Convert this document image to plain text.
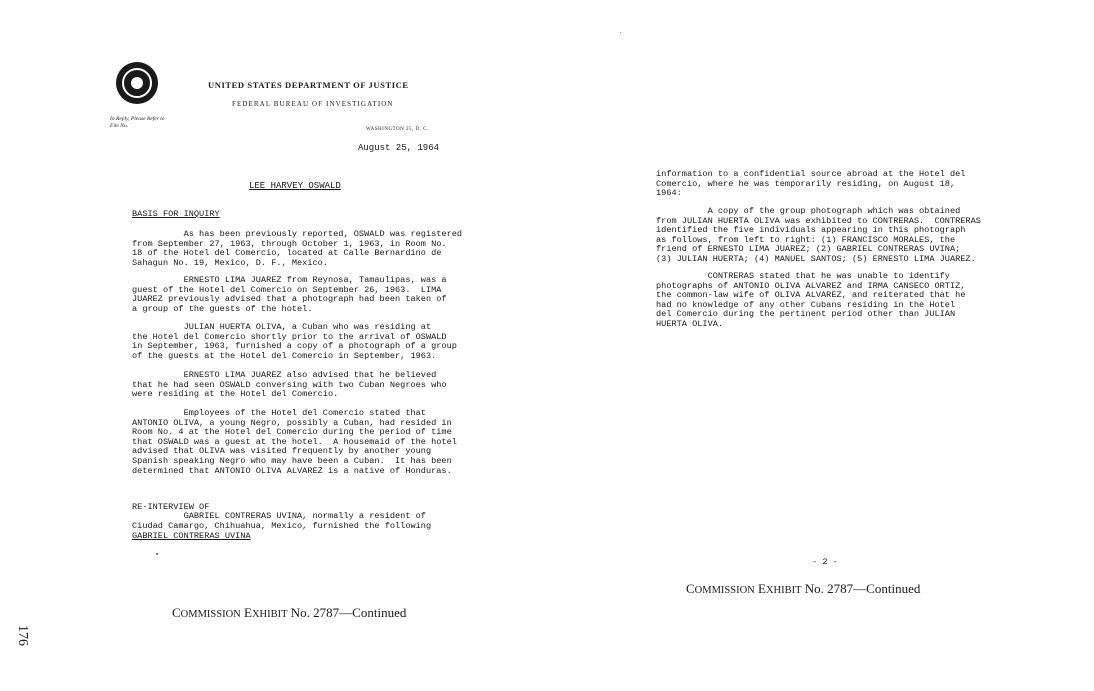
UNITED STATES DEPARTMENT OF JUSTICE
FEDERAL BUREAU OF INVESTIGATION
In Reply, Please Refer to
File No.
WASHINGTON 25, D. C.
August 25, 1964
LEE HARVEY OSWALD
BASIS FOR INQUIRY
As has been previously reported, OSWALD was registered
from September 27, 1963, through October 1, 1963, in Room No.
18 of the Hotel del Comercio, located at Calle Bernardino de
Sahagun No. 19, Mexico, D. F., Mexico.
ERNESTO LIMA JUAREZ from Reynosa, Tamaulipas, was a
guest of the Hotel del Comercio on September 26, 1963.  LIMA
JUAREZ previously advised that a photograph had been taken of
a group of the guests of the hotel.
JULIAN HUERTA OLIVA, a Cuban who was residing at
the Hotel del Comercio shortly prior to the arrival of OSWALD
in September, 1963, furnished a copy of a photograph of a group
of the guests at the Hotel del Comercio in September, 1963.
ERNESTO LIMA JUAREZ also advised that he believed
that he had seen OSWALD conversing with two Cuban Negroes who
were residing at the Hotel del Comercio.
Employees of the Hotel del Comercio stated that
ANTONIO OLIVA, a young Negro, possibly a Cuban, had resided in
Room No. 4 at the Hotel del Comercio during the period of time
that OSWALD was a guest at the hotel.  A housemaid of the hotel
advised that OLIVA was visited frequently by another young
Spanish speaking Negro who may have been a Cuban.  It has been
determined that ANTONIO OLIVA ALVAREZ is a native of Honduras.

RE-INTERVIEW OF

GABRIEL CONTRERAS UVINA

GABRIEL CONTRERAS UVINA, normally a resident of
Ciudad Camargo, Chihuahua, Mexico, furnished the following
COMMISSION EXHIBIT No. 2787—Continued
176
information to a confidential source abroad at the Hotel del
Comercio, where he was temporarily residing, on August 18,
1964:
A copy of the group photograph which was obtained
from JULIAN HUERTA OLIVA was exhibited to CONTRERAS.  CONTRERAS
identified the five individuals appearing in this photograph
as follows, from left to right: (1) FRANCISCO MORALES, the
friend of ERNESTO LIMA JUAREZ; (2) GABRIEL CONTRERAS UVINA;
(3) JULIAN HUERTA; (4) MANUEL SANTOS; (5) ERNESTO LIMA JUAREZ.
CONTRERAS stated that he was unable to identify
photographs of ANTONIO OLIVA ALVAREZ and IRMA CANSECO ORTIZ,
the common-law wife of OLIVA ALVAREZ, and reiterated that he
had no knowledge of any other Cubans residing in the Hotel
del Comercio during the pertinent period other than JULIAN
HUERTA OLIVA.
- 2 -
COMMISSION EXHIBIT No. 2787—Continued
